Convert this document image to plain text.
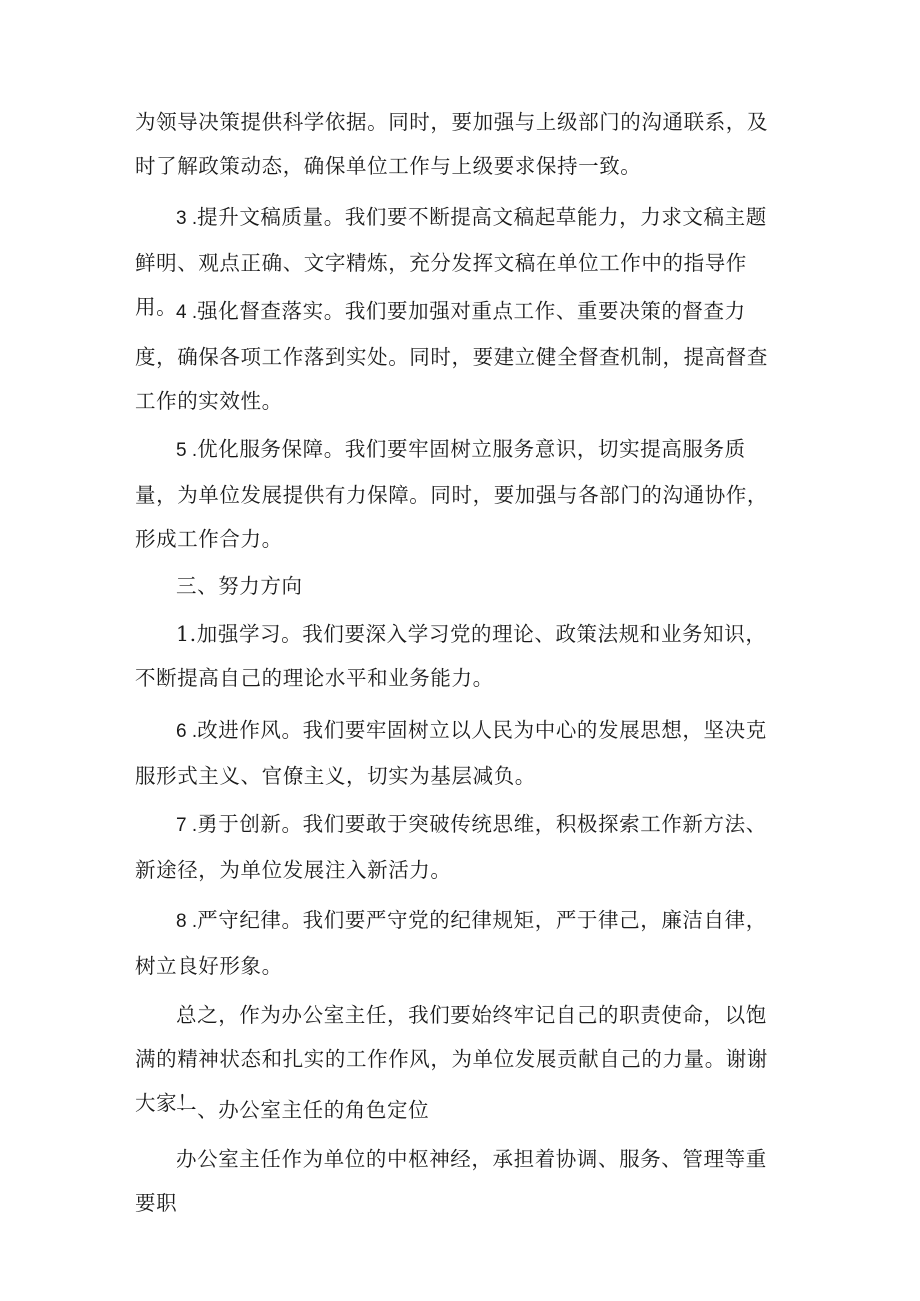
为领导决策提供科学依据。同时，要加强与上级部门的沟通联系，及时了解政策动态，确保单位工作与上级要求保持一致。

3 .提升文稿质量。我们要不断提高文稿起草能力，力求文稿主题鲜明、观点正确、文字精炼，充分发挥文稿在单位工作中的指导作用。

4 .强化督查落实。我们要加强对重点工作、重要决策的督查力度，确保各项工作落到实处。同时，要建立健全督查机制，提高督查工作的实效性。

5 .优化服务保障。我们要牢固树立服务意识，切实提高服务质量，为单位发展提供有力保障。同时，要加强与各部门的沟通协作，形成工作合力。

三、努力方向

1.加强学习。我们要深入学习党的理论、政策法规和业务知识，不断提高自己的理论水平和业务能力。

6 .改进作风。我们要牢固树立以人民为中心的发展思想，坚决克服形式主义、官僚主义，切实为基层减负。

7 .勇于创新。我们要敢于突破传统思维，积极探索工作新方法、新途径，为单位发展注入新活力。

8 .严守纪律。我们要严守党的纪律规矩，严于律己，廉洁自律，树立良好形象。

总之，作为办公室主任，我们要始终牢记自己的职责使命，以饱满的精神状态和扎实的工作作风，为单位发展贡献自己的力量。谢谢大家！

一、办公室主任的角色定位

办公室主任作为单位的中枢神经，承担着协调、服务、管理等重要职
